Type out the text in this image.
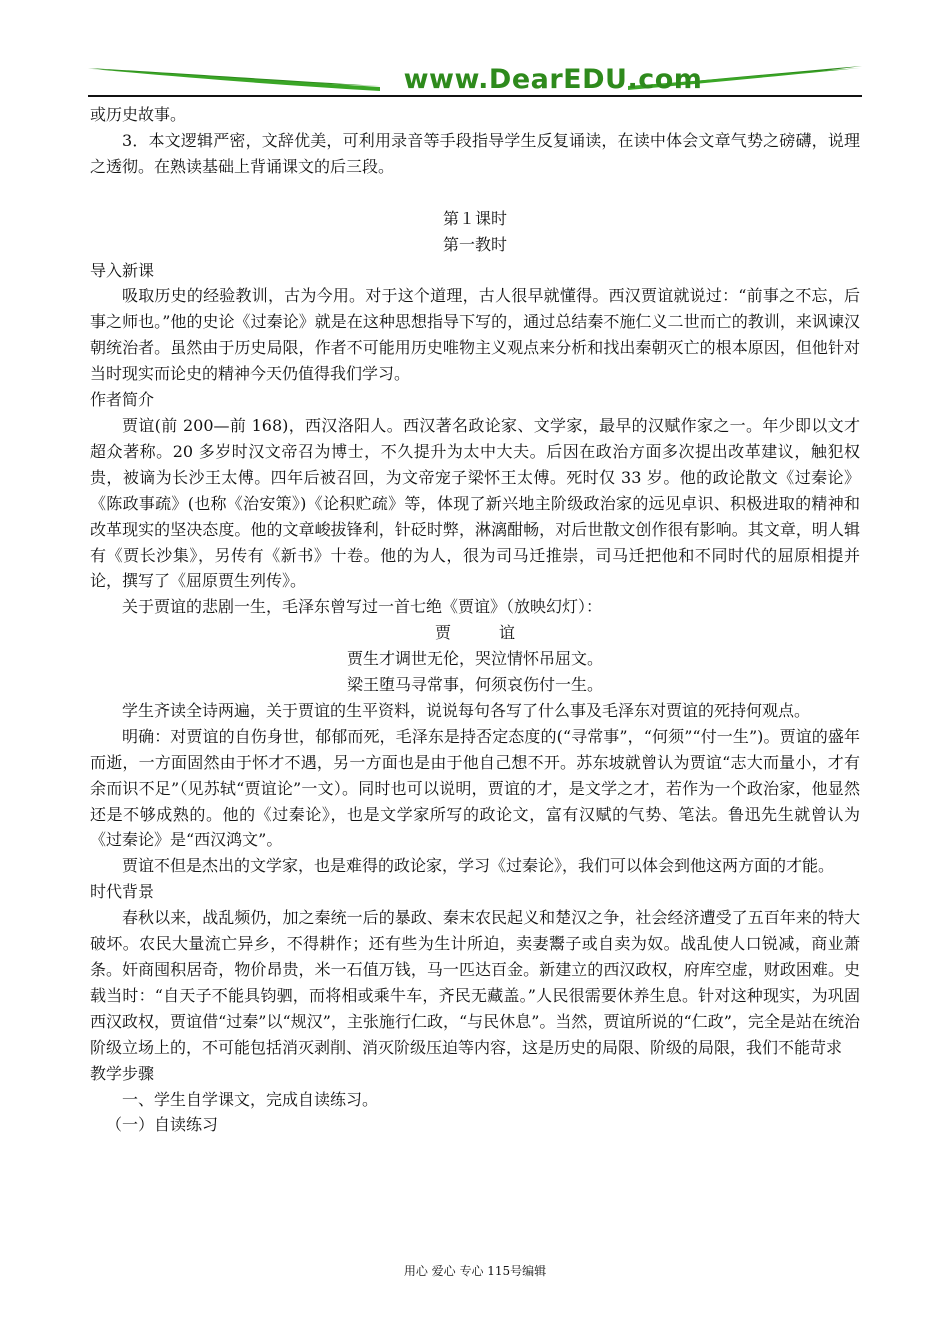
www.DearEDU.com

或历史故事。

3．本文逻辑严密，文辞优美，可利用录音等手段指导学生反复诵读，在读中体会文章气势之磅礴，说理之透彻。在熟读基础上背诵课文的后三段。

第１课时

第一教时

导入新课

吸取历史的经验教训，古为今用。对于这个道理，古人很早就懂得。西汉贾谊就说过：“前事之不忘，后事之师也。”他的史论《过秦论》就是在这种思想指导下写的，通过总结秦不施仁义二世而亡的教训，来讽谏汉朝统治者。虽然由于历史局限，作者不可能用历史唯物主义观点来分析和找出秦朝灭亡的根本原因，但他针对当时现实而论史的精神今天仍值得我们学习。

作者简介

贾谊(前 200—前 168)，西汉洛阳人。西汉著名政论家、文学家，最早的汉赋作家之一。年少即以文才超众著称。20 多岁时汉文帝召为博士，不久提升为太中大夫。后因在政治方面多次提出改革建议，触犯权贵，被谪为长沙王太傅。四年后被召回，为文帝宠子梁怀王太傅。死时仅 33 岁。他的政论散文《过秦论》《陈政事疏》(也称《治安策》)《论积贮疏》等，体现了新兴地主阶级政治家的远见卓识、积极进取的精神和改革现实的坚决态度。他的文章峻拔锋利，针砭时弊，淋漓酣畅，对后世散文创作很有影响。其文章，明人辑有《贾长沙集》，另传有《新书》十卷。他的为人，很为司马迁推崇，司马迁把他和不同时代的屈原相提并论，撰写了《屈原贾生列传》。

关于贾谊的悲剧一生，毛泽东曾写过一首七绝《贾谊》（放映幻灯）：

贾谊

贾生才调世无伦，哭泣情怀吊屈文。

梁王堕马寻常事，何须哀伤付一生。

学生齐读全诗两遍，关于贾谊的生平资料，说说每句各写了什么事及毛泽东对贾谊的死持何观点。

明确：对贾谊的自伤身世，郁郁而死，毛泽东是持否定态度的(“寻常事”，“何须”“付一生”)。贾谊的盛年而逝，一方面固然由于怀才不遇，另一方面也是由于他自己想不开。苏东坡就曾认为贾谊“志大而量小，才有余而识不足”（见苏轼“贾谊论”一文）。同时也可以说明，贾谊的才，是文学之才，若作为一个政治家，他显然还是不够成熟的。他的《过秦论》，也是文学家所写的政论文，富有汉赋的气势、笔法。鲁迅先生就曾认为《过秦论》是“西汉鸿文”。

贾谊不但是杰出的文学家，也是难得的政论家，学习《过秦论》，我们可以体会到他这两方面的才能。

时代背景

春秋以来，战乱频仍，加之秦统一后的暴政、秦末农民起义和楚汉之争，社会经济遭受了五百年来的特大破坏。农民大量流亡异乡，不得耕作；还有些为生计所迫，卖妻鬻子或自卖为奴。战乱使人口锐减，商业萧条。奸商囤积居奇，物价昂贵，米一石值万钱，马一匹达百金。新建立的西汉政权，府库空虚，财政困难。史载当时：“自天子不能具钧驷，而将相或乘牛车，齐民无藏盖。”人民很需要休养生息。针对这种现实，为巩固西汉政权，贾谊借“过秦”以“规汉”，主张施行仁政，“与民休息”。当然，贾谊所说的“仁政”，完全是站在统治阶级立场上的，不可能包括消灭剥削、消灭阶级压迫等内容，这是历史的局限、阶级的局限，我们不能苛求

教学步骤

一、学生自学课文，完成自读练习。

（一）自读练习

用心 爱心 专心 115号编辑
